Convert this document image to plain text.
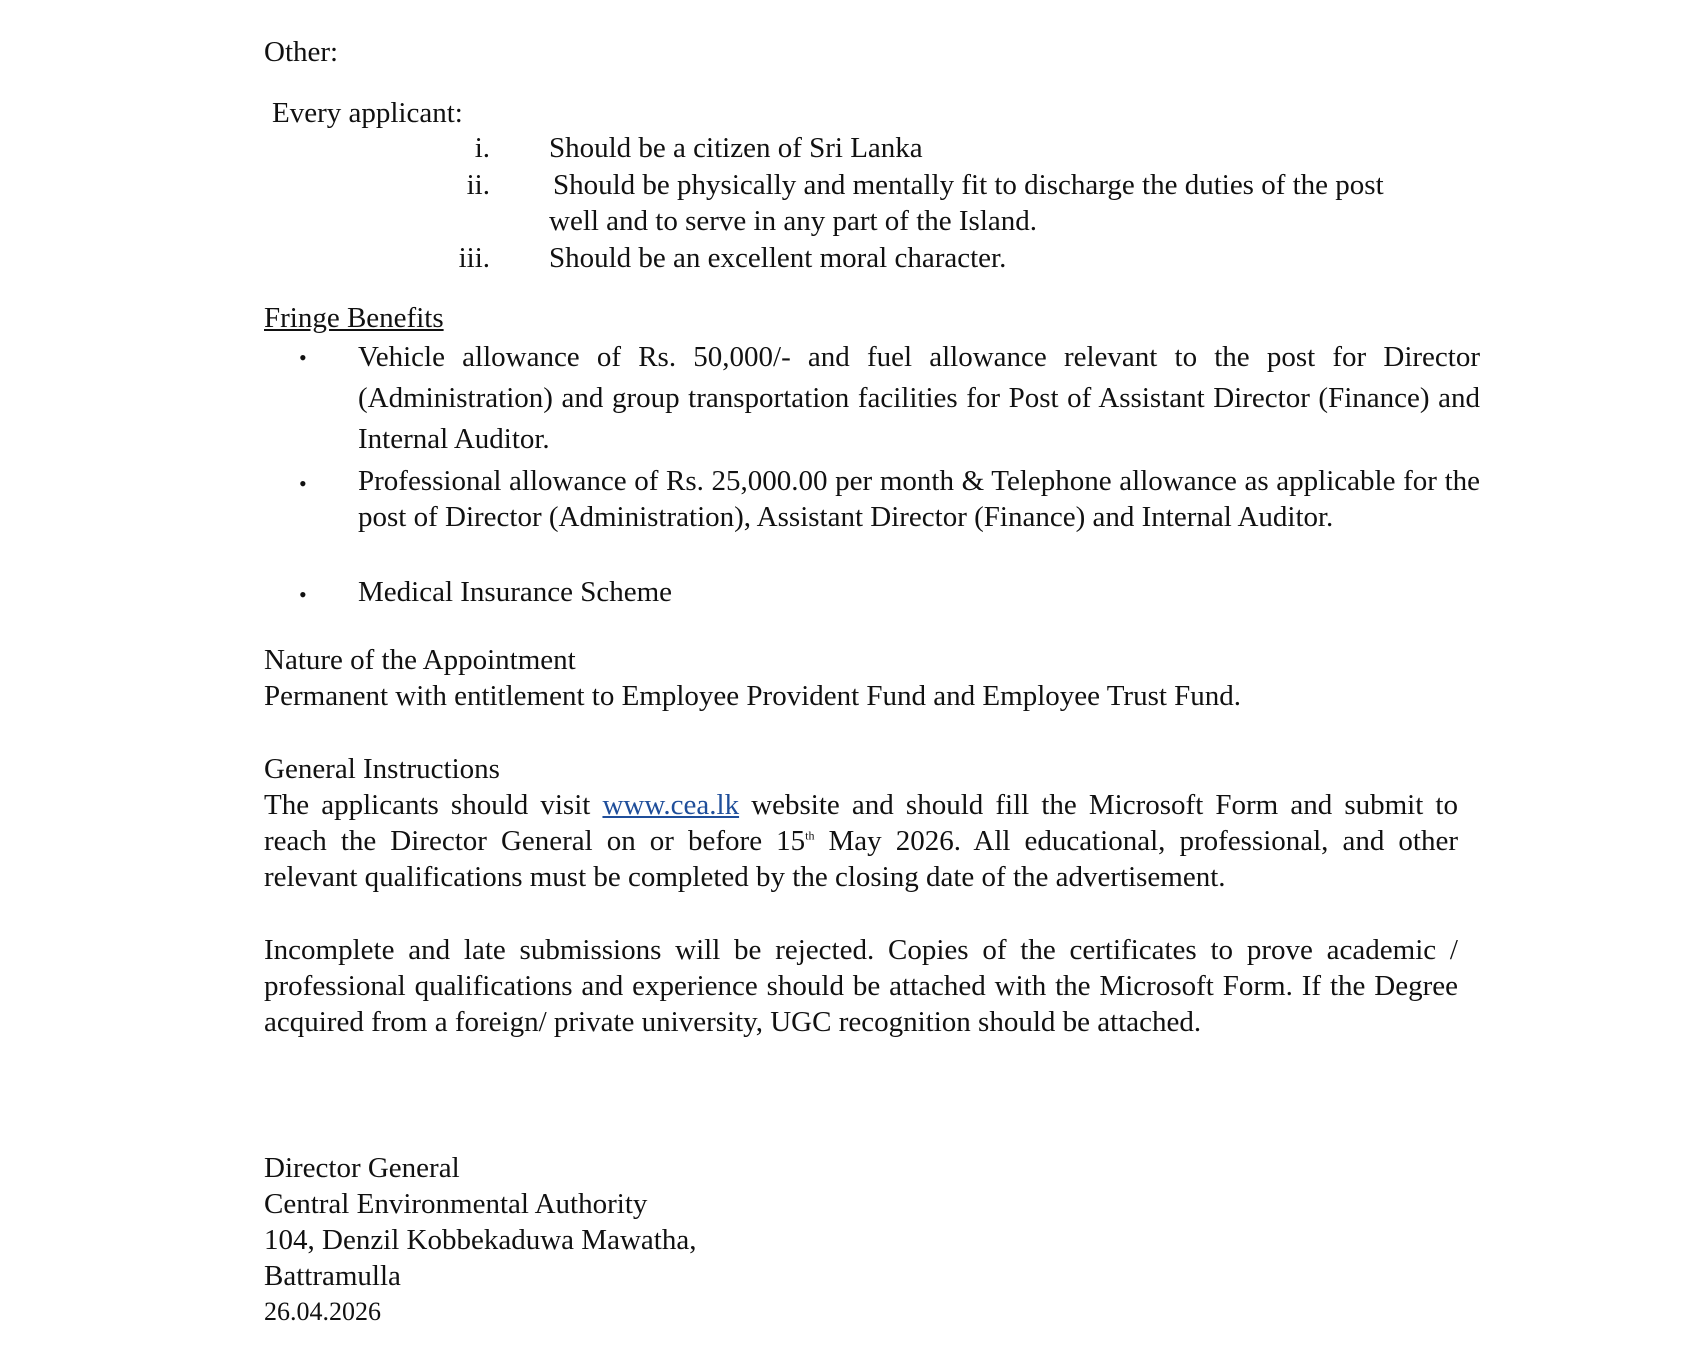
Other:

Every applicant:

i. Should be a citizen of Sri Lanka

ii. Should be physically and mentally fit to discharge the duties of the post

well and to serve in any part of the Island.

iii. Should be an excellent moral character.

Fringe Benefits

• Vehicle allowance of Rs. 50,000/- and fuel allowance relevant to the post for Director (Administration) and group transportation facilities for Post of Assistant Director (Finance) and Internal Auditor.

• Professional allowance of Rs. 25,000.00 per month & Telephone allowance as applicable for the post of Director (Administration), Assistant Director (Finance) and Internal Auditor.

• Medical Insurance Scheme

Nature of the Appointment

Permanent with entitlement to Employee Provident Fund and Employee Trust Fund.

General Instructions

The applicants should visit www.cea.lk website and should fill the Microsoft Form and submit to reach the Director General on or before 15th May 2026. All educational, professional, and other relevant qualifications must be completed by the closing date of the advertisement.

Incomplete and late submissions will be rejected. Copies of the certificates to prove academic / professional qualifications and experience should be attached with the Microsoft Form. If the Degree acquired from a foreign/ private university, UGC recognition should be attached.

Director General

Central Environmental Authority

104, Denzil Kobbekaduwa Mawatha,

Battramulla

26.04.2026
